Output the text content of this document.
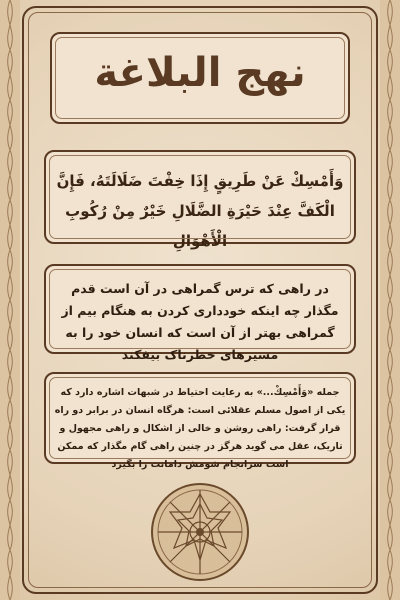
نهج البلاغة
وَأَمْسِكْ عَنْ طَرِيقٍ إِذَا خِفْتَ ضَلَالَتَهُ، فَإِنَّ الْكَفَّ عِنْدَ حَيْرَةِ الضَّلَالِ خَيْرٌ مِنْ رُكُوبِ الْأَهْوَالِ
در راهی که ترس گمراهی در آن است قدم مگذار چه اینکه خودداری کردن به هنگام بیم از گمراهی بهتر از آن است که انسان خود را به مسیرهای خطرناک بیفکند
جمله «وَأَمْسِكْ...» به رعایت احتیاط در شبهات اشاره دارد که یکی از اصول مسلم عقلائی است: هرگاه انسان در برابر دو راه قرار گرفت: راهی روشن و خالی از اشکال و راهی مجهول و تاریک، عقل می گوید هرگز در چنین راهی گام مگذار که ممکن است سرانجام شومش دامانت را بگیرد
